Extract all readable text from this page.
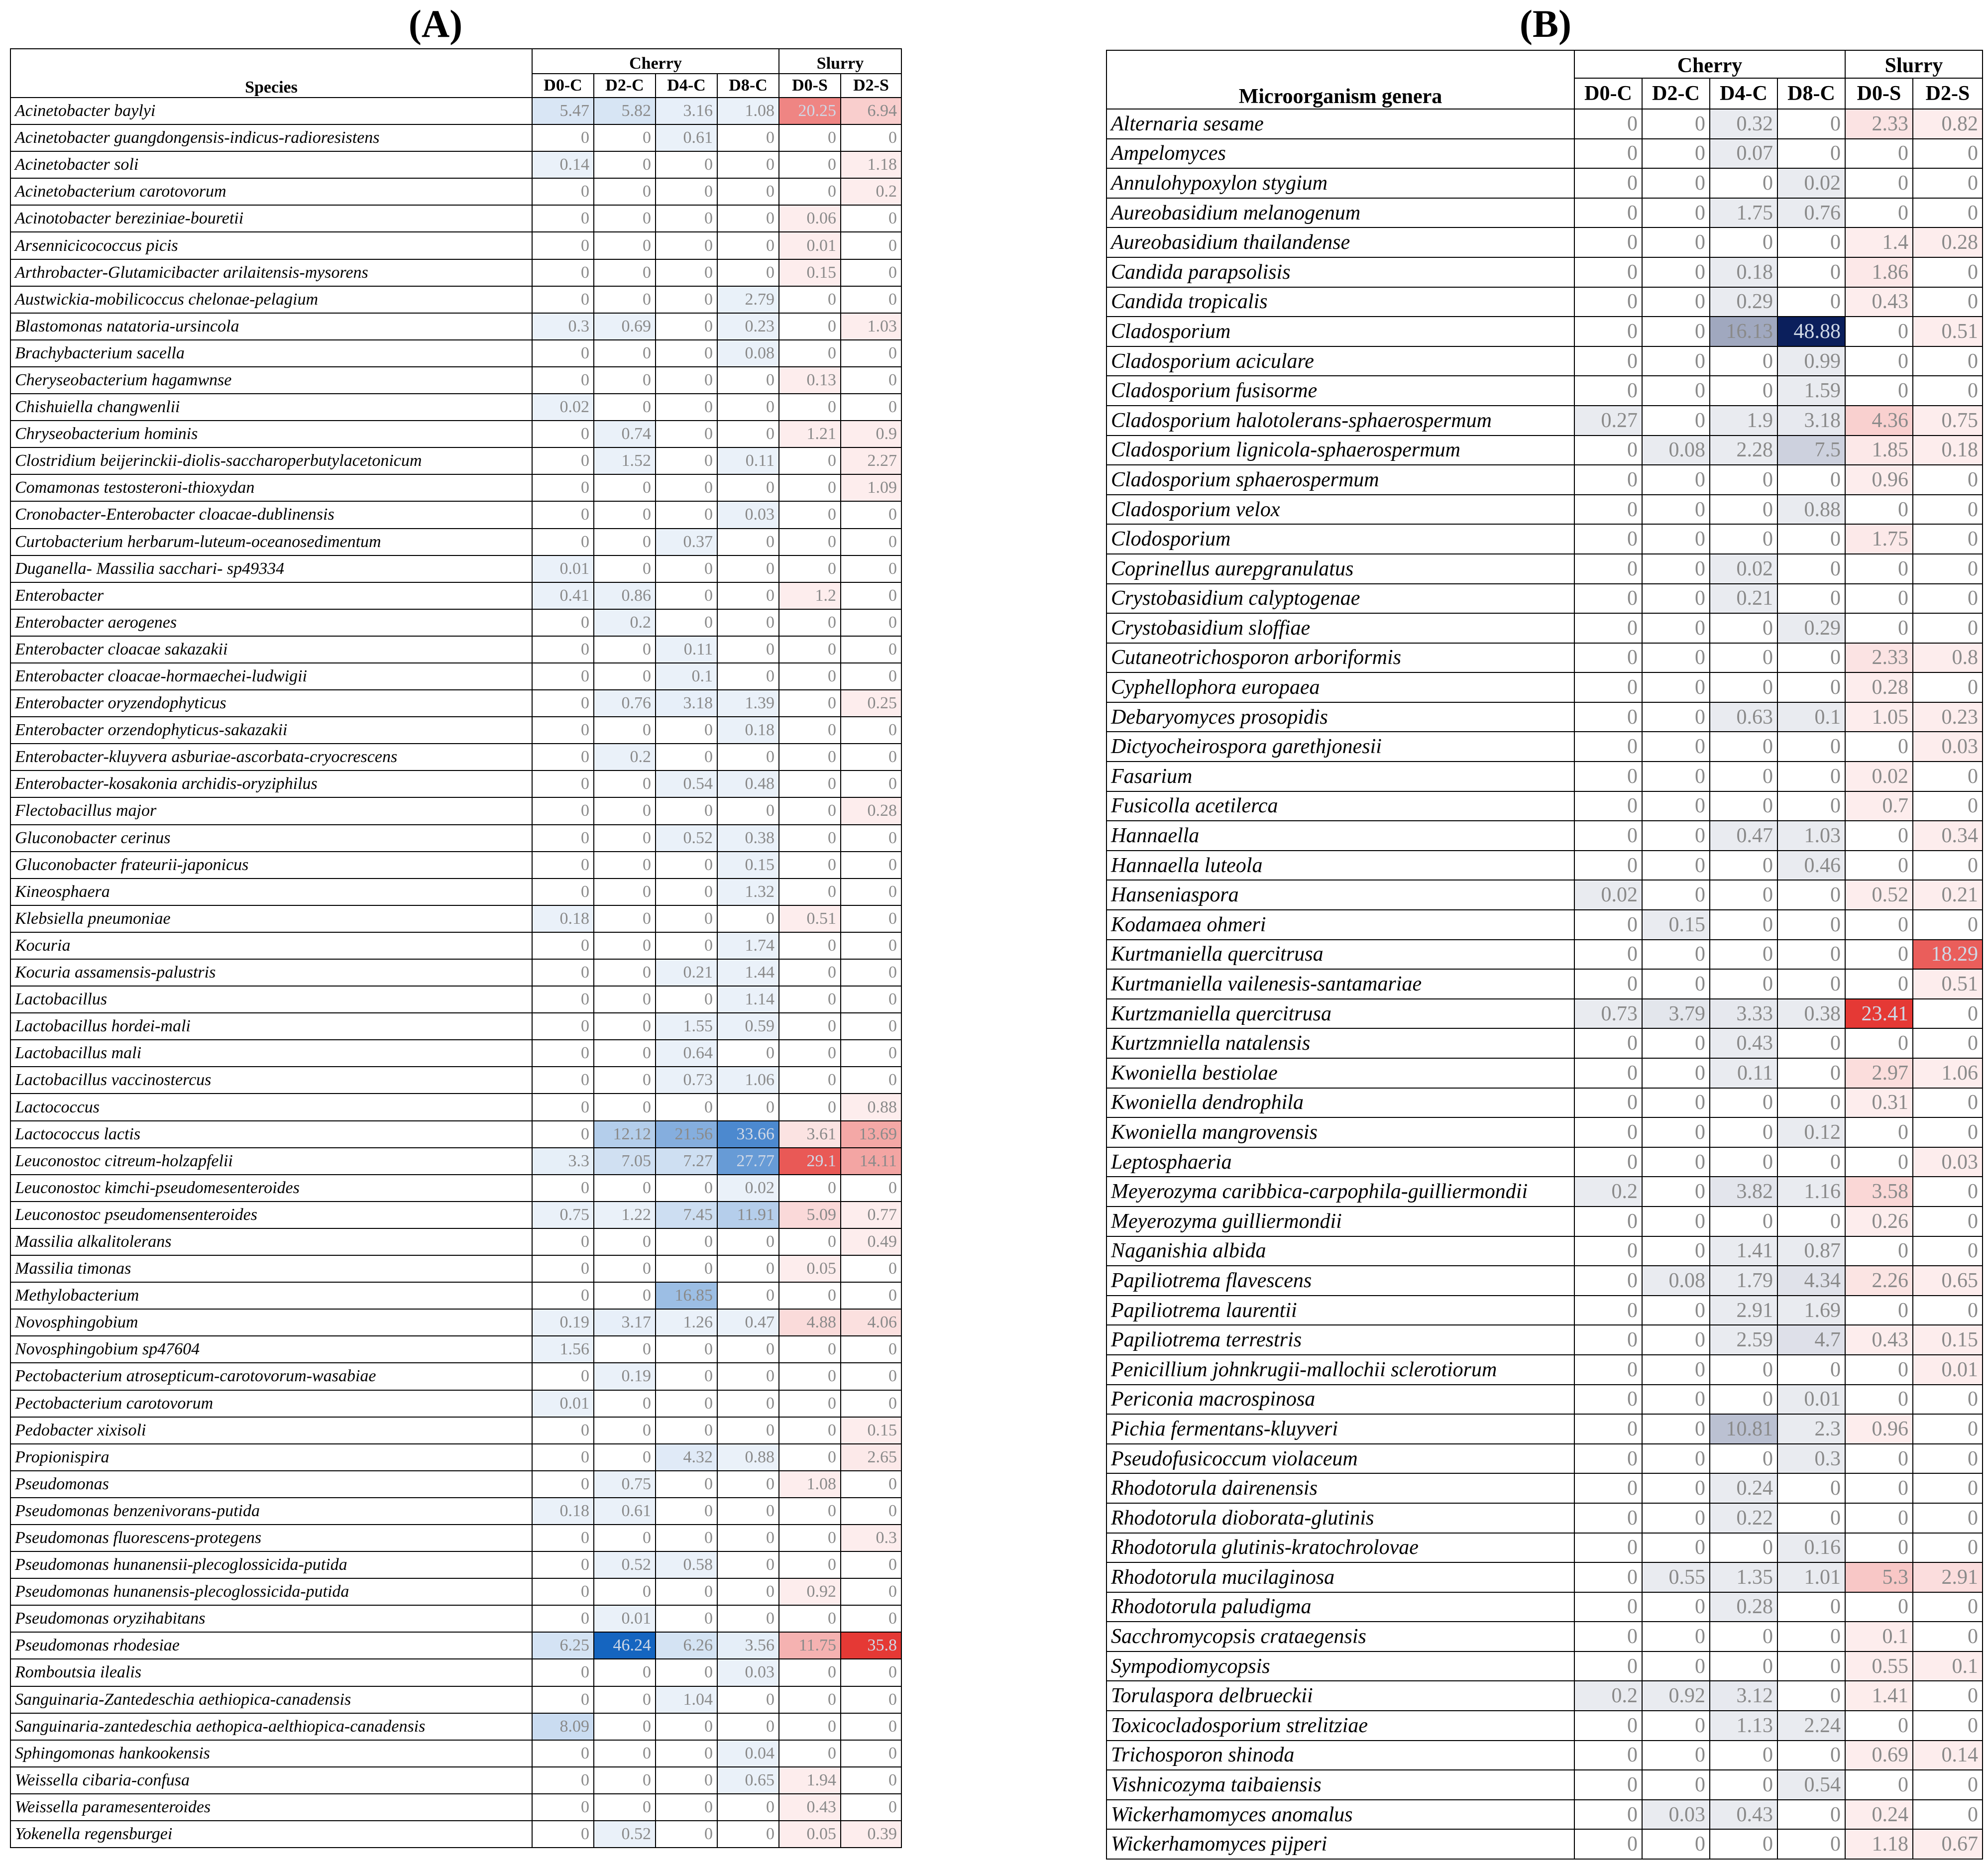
(A)	(B)
Species	Cherry				Slurry	
	D0-C	D2-C	D4-C	D8-C	D0-S	D2-S
Acinetobacter baylyi	5.47	5.82	3.16	1.08	20.25	6.94
Acinetobacter guangdongensis-indicus-radioresistens	0	0	0.61	0	0	0
Acinetobacter soli	0.14	0	0	0	0	1.18
Acinetobacterium carotovorum	0	0	0	0	0	0.2
Acinotobacter bereziniae-bouretii	0	0	0	0	0.06	0
Arsennicicococcus picis	0	0	0	0	0.01	0
Arthrobacter-Glutamicibacter arilaitensis-mysorens	0	0	0	0	0.15	0
Austwickia-mobilicoccus chelonae-pelagium	0	0	0	2.79	0	0
Blastomonas natatoria-ursincola	0.3	0.69	0	0.23	0	1.03
Brachybacterium sacella	0	0	0	0.08	0	0
Cheryseobacterium hagamwnse	0	0	0	0	0.13	0
Chishuiella changwenlii	0.02	0	0	0	0	0
Chryseobacterium hominis	0	0.74	0	0	1.21	0.9
Clostridium beijerinckii-diolis-saccharoperbutylacetonicum	0	1.52	0	0.11	0	2.27
Comamonas testosteroni-thioxydan	0	0	0	0	0	1.09
Cronobacter-Enterobacter cloacae-dublinensis	0	0	0	0.03	0	0
Curtobacterium herbarum-luteum-oceanosedimentum	0	0	0.37	0	0	0
Duganella- Massilia sacchari- sp49334	0.01	0	0	0	0	0
Enterobacter	0.41	0.86	0	0	1.2	0
Enterobacter aerogenes	0	0.2	0	0	0	0
Enterobacter cloacae sakazakii	0	0	0.11	0	0	0
Enterobacter cloacae-hormaechei-ludwigii	0	0	0.1	0	0	0
Enterobacter oryzendophyticus	0	0.76	3.18	1.39	0	0.25
Enterobacter orzendophyticus-sakazakii	0	0	0	0.18	0	0
Enterobacter-kluyvera asburiae-ascorbata-cryocrescens	0	0.2	0	0	0	0
Enterobacter-kosakonia archidis-oryziphilus	0	0	0.54	0.48	0	0
Flectobacillus major	0	0	0	0	0	0.28
Gluconobacter cerinus	0	0	0.52	0.38	0	0
Gluconobacter frateurii-japonicus	0	0	0	0.15	0	0
Kineosphaera	0	0	0	1.32	0	0
Klebsiella pneumoniae	0.18	0	0	0	0.51	0
Kocuria	0	0	0	1.74	0	0
Kocuria assamensis-palustris	0	0	0.21	1.44	0	0
Lactobacillus	0	0	0	1.14	0	0
Lactobacillus hordei-mali	0	0	1.55	0.59	0	0
Lactobacillus mali	0	0	0.64	0	0	0
Lactobacillus vaccinostercus	0	0	0.73	1.06	0	0
Lactococcus	0	0	0	0	0	0.88
Lactococcus lactis	0	12.12	21.56	33.66	3.61	13.69
Leuconostoc citreum-holzapfelii	3.3	7.05	7.27	27.77	29.1	14.11
Leuconostoc kimchi-pseudomesenteroides	0	0	0	0.02	0	0
Leuconostoc pseudomensenteroides	0.75	1.22	7.45	11.91	5.09	0.77
Massilia alkalitolerans	0	0	0	0	0	0.49
Massilia timonas	0	0	0	0	0.05	0
Methylobacterium	0	0	16.85	0	0	0
Novosphingobium	0.19	3.17	1.26	0.47	4.88	4.06
Novosphingobium sp47604	1.56	0	0	0	0	0
Pectobacterium atrosepticum-carotovorum-wasabiae	0	0.19	0	0	0	0
Pectobacterium carotovorum	0.01	0	0	0	0	0
Pedobacter xixisoli	0	0	0	0	0	0.15
Propionispira	0	0	4.32	0.88	0	2.65
Pseudomonas	0	0.75	0	0	1.08	0
Pseudomonas benzenivorans-putida	0.18	0.61	0	0	0	0
Pseudomonas fluorescens-protegens	0	0	0	0	0	0.3
Pseudomonas hunanensii-plecoglossicida-putida	0	0.52	0.58	0	0	0
Pseudomonas hunanensis-plecoglossicida-putida	0	0	0	0	0.92	0
Pseudomonas oryzihabitans	0	0.01	0	0	0	0
Pseudomonas rhodesiae	6.25	46.24	6.26	3.56	11.75	35.8
Romboutsia ilealis	0	0	0	0.03	0	0
Sanguinaria-Zantedeschia aethiopica-canadensis	0	0	1.04	0	0	0
Sanguinaria-zantedeschia aethopica-aelthiopica-canadensis	8.09	0	0	0	0	0
Sphingomonas hankookensis	0	0	0	0.04	0	0
Weissella cibaria-confusa	0	0	0	0.65	1.94	0
Weissella paramesenteroides	0	0	0	0	0.43	0
Yokenella regensburgei	0	0.52	0	0	0.05	0.39
Microorganism genera	Cherry				Slurry	
	D0-C	D2-C	D4-C	D8-C	D0-S	D2-S
Alternaria sesame	0	0	0.32	0	2.33	0.82
Ampelomyces	0	0	0.07	0	0	0
Annulohypoxylon stygium	0	0	0	0.02	0	0
Aureobasidium melanogenum	0	0	1.75	0.76	0	0
Aureobasidium thailandense	0	0	0	0	1.4	0.28
Candida parapsolisis	0	0	0.18	0	1.86	0
Candida tropicalis	0	0	0.29	0	0.43	0
Cladosporium	0	0	16.13	48.88	0	0.51
Cladosporium aciculare	0	0	0	0.99	0	0
Cladosporium fusisorme	0	0	0	1.59	0	0
Cladosporium halotolerans-sphaerospermum	0.27	0	1.9	3.18	4.36	0.75
Cladosporium lignicola-sphaerospermum	0	0.08	2.28	7.5	1.85	0.18
Cladosporium sphaerospermum	0	0	0	0	0.96	0
Cladosporium velox	0	0	0	0.88	0	0
Clodosporium	0	0	0	0	1.75	0
Coprinellus aurepgranulatus	0	0	0.02	0	0	0
Crystobasidium calyptogenae	0	0	0.21	0	0	0
Crystobasidium sloffiae	0	0	0	0.29	0	0
Cutaneotrichosporon arboriformis	0	0	0	0	2.33	0.8
Cyphellophora europaea	0	0	0	0	0.28	0
Debaryomyces prosopidis	0	0	0.63	0.1	1.05	0.23
Dictyocheirospora garethjonesii	0	0	0	0	0	0.03
Fasarium	0	0	0	0	0.02	0
Fusicolla acetilerca	0	0	0	0	0.7	0
Hannaella	0	0	0.47	1.03	0	0.34
Hannaella luteola	0	0	0	0.46	0	0
Hanseniaspora	0.02	0	0	0	0.52	0.21
Kodamaea ohmeri	0	0.15	0	0	0	0
Kurtmaniella quercitrusa	0	0	0	0	0	18.29
Kurtmaniella vailenesis-santamariae	0	0	0	0	0	0.51
Kurtzmaniella quercitrusa	0.73	3.79	3.33	0.38	23.41	0
Kurtzmniella natalensis	0	0	0.43	0	0	0
Kwoniella bestiolae	0	0	0.11	0	2.97	1.06
Kwoniella dendrophila	0	0	0	0	0.31	0
Kwoniella mangrovensis	0	0	0	0.12	0	0
Leptosphaeria	0	0	0	0	0	0.03
Meyerozyma caribbica-carpophila-guilliermondii	0.2	0	3.82	1.16	3.58	0
Meyerozyma guilliermondii	0	0	0	0	0.26	0
Naganishia albida	0	0	1.41	0.87	0	0
Papiliotrema flavescens	0	0.08	1.79	4.34	2.26	0.65
Papiliotrema laurentii	0	0	2.91	1.69	0	0
Papiliotrema terrestris	0	0	2.59	4.7	0.43	0.15
Penicillium johnkrugii-mallochii sclerotiorum	0	0	0	0	0	0.01
Periconia macrospinosa	0	0	0	0.01	0	0
Pichia fermentans-kluyveri	0	0	10.81	2.3	0.96	0
Pseudofusicoccum violaceum	0	0	0	0.3	0	0
Rhodotorula dairenensis	0	0	0.24	0	0	0
Rhodotorula dioborata-glutinis	0	0	0.22	0	0	0
Rhodotorula glutinis-kratochrolovae	0	0	0	0.16	0	0
Rhodotorula mucilaginosa	0	0.55	1.35	1.01	5.3	2.91
Rhodotorula paludigma	0	0	0.28	0	0	0
Sacchromycopsis crataegensis	0	0	0	0	0.1	0
Sympodiomycopsis	0	0	0	0	0.55	0.1
Torulaspora delbrueckii	0.2	0.92	3.12	0	1.41	0
Toxicocladosporium strelitziae	0	0	1.13	2.24	0	0
Trichosporon shinoda	0	0	0	0	0.69	0.14
Vishnicozyma taibaiensis	0	0	0	0.54	0	0
Wickerhamomyces anomalus	0	0.03	0.43	0	0.24	0
Wickerhamomyces pijperi	0	0	0	0	1.18	0.67
